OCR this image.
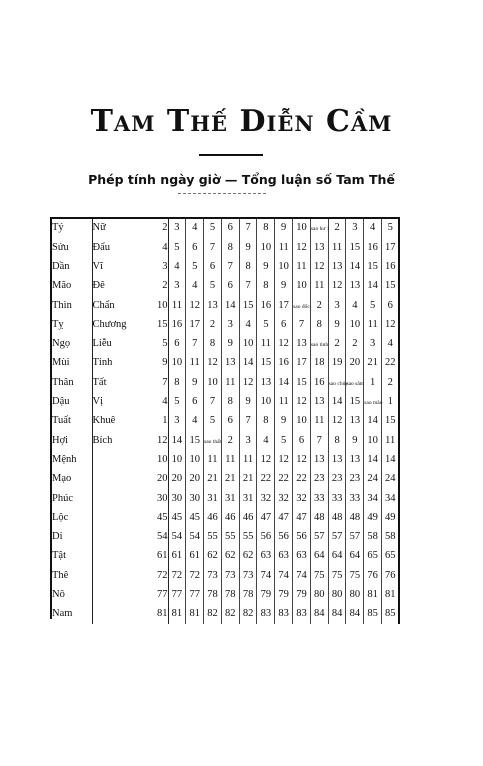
Tam Thế Diễn Cầm

Phép tính ngày giờ — Tổng luận số Tam Thế

Tý	Nữ	2	3	4	5	6	7	8	9	10	sao hư 1	2	3	4	5
Sửu	Đẩu	4	5	6	7	8	9	10	11	12	13	11	15	16	17
Dần	Vĩ	3	4	5	6	7	8	9	10	11	12	13	14	15	16
Mão	Đê	2	3	4	5	6	7	8	9	10	11	12	13	14	15
Thìn	Chẩn	10	11	12	13	14	15	16	17	sao đốc	2	3	4	5	6
Tỵ	Chương	15	16	17	2	3	4	5	6	7	8	9	10	11	12
Ngọ	Liễu	5	6	7	8	9	10	11	12	13	sao tinh	2	2	3	4
Mùi	Tỉnh	9	10	11	12	13	14	15	16	17	18	19	20	21	22
Thân	Tất	7	8	9	10	11	12	13	14	15	16	sao chủy	sao sâm	1	2
Dậu	Vị	4	5	6	7	8	9	10	11	12	13	14	15	sao mão	1
Tuất	Khuê	1	3	4	5	6	7	8	9	10	11	12	13	14	15
Hợi	Bích	12	14	15	sao thất	2	3	4	5	6	7	8	9	10	11
Mệnh		10	10	10	11	11	11	12	12	12	13	13	13	14	14
Mạo		20	20	20	21	21	21	22	22	22	23	23	23	24	24
Phúc		30	30	30	31	31	31	32	32	32	33	33	33	34	34
Lộc		45	45	45	46	46	46	47	47	47	48	48	48	49	49
Di		54	54	54	55	55	55	56	56	56	57	57	57	58	58
Tật		61	61	61	62	62	62	63	63	63	64	64	64	65	65
Thê		72	72	72	73	73	73	74	74	74	75	75	75	76	76
Nô		77	77	77	78	78	78	79	79	79	80	80	80	81	81
Nam		81	81	81	82	82	82	83	83	83	84	84	84	85	85
